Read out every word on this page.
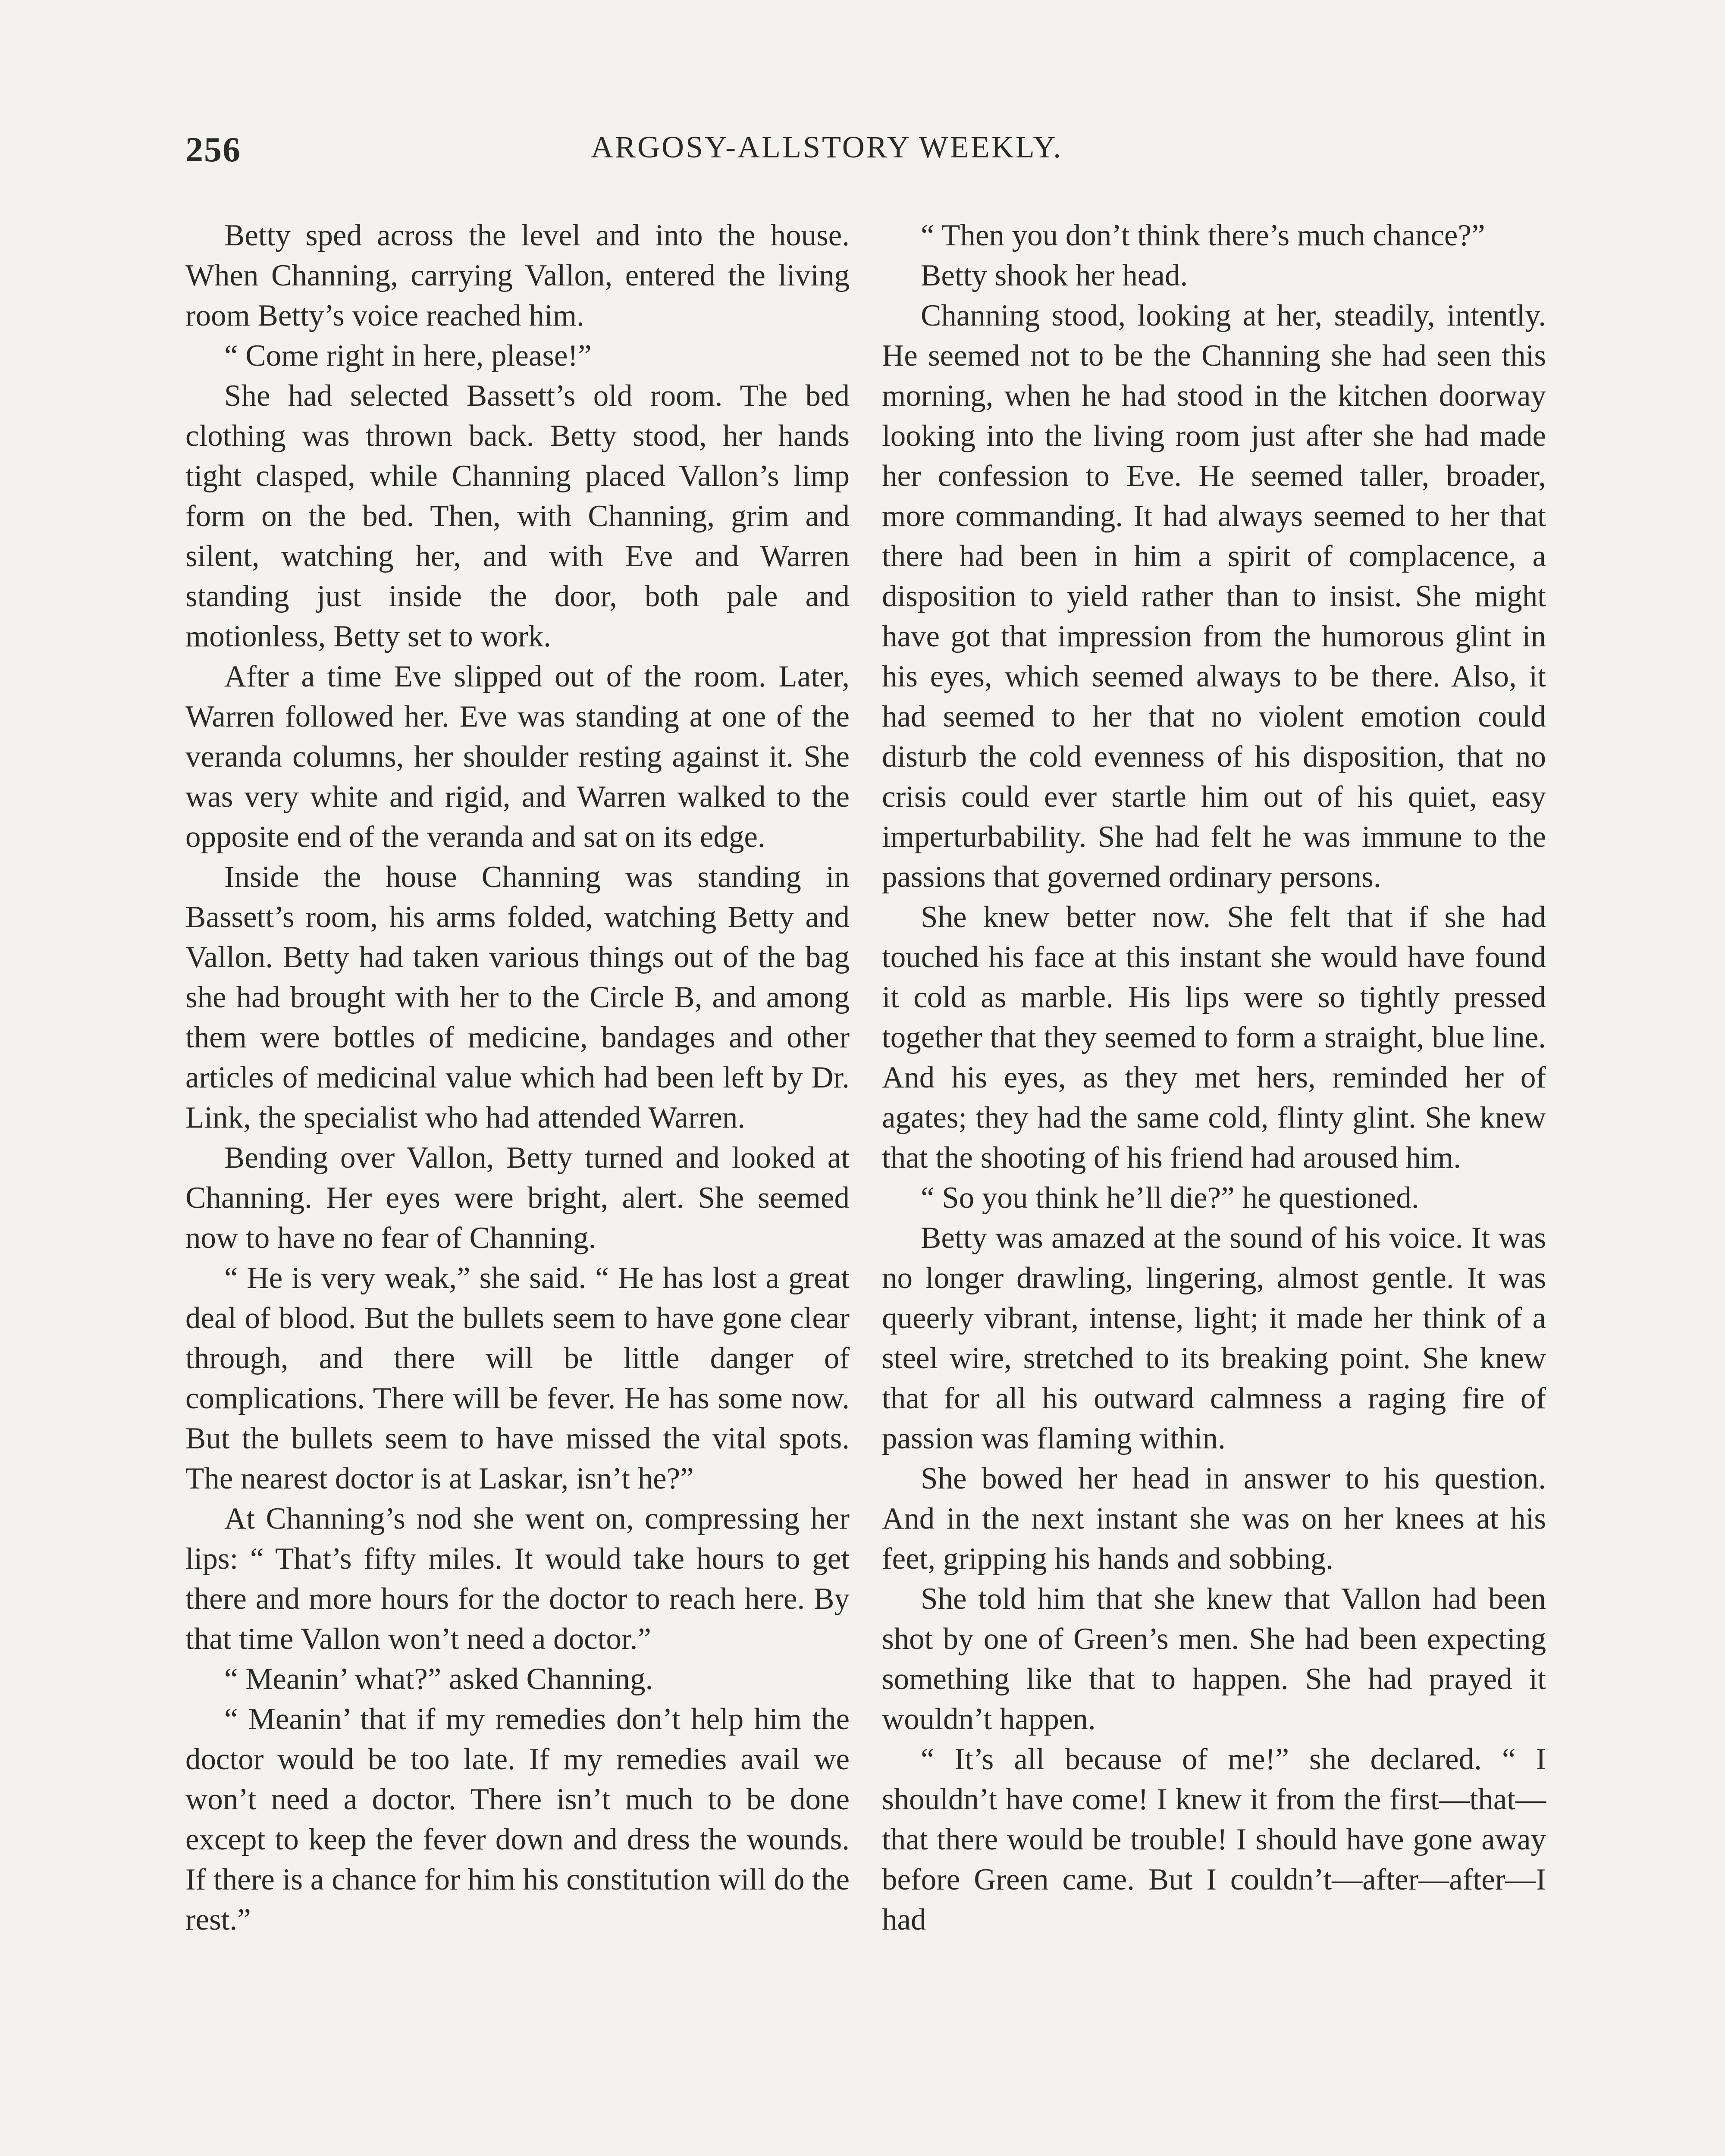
256	ARGOSY-ALLSTORY WEEKLY.

Betty sped across the level and into the house. When Channing, carrying Vallon, entered the living room Betty’s voice reached him.

“ Come right in here, please!”

She had selected Bassett’s old room. The bed clothing was thrown back. Betty stood, her hands tight clasped, while Channing placed Vallon’s limp form on the bed. Then, with Channing, grim and silent, watching her, and with Eve and Warren standing just inside the door, both pale and motionless, Betty set to work.

After a time Eve slipped out of the room. Later, Warren followed her. Eve was standing at one of the veranda columns, her shoulder resting against it. She was very white and rigid, and Warren walked to the opposite end of the veranda and sat on its edge.

Inside the house Channing was standing in Bassett’s room, his arms folded, watching Betty and Vallon. Betty had taken various things out of the bag she had brought with her to the Circle B, and among them were bottles of medicine, bandages and other articles of medicinal value which had been left by Dr. Link, the specialist who had attended Warren.

Bending over Vallon, Betty turned and looked at Channing. Her eyes were bright, alert. She seemed now to have no fear of Channing.

“ He is very weak,” she said. “ He has lost a great deal of blood. But the bullets seem to have gone clear through, and there will be little danger of complications. There will be fever. He has some now. But the bullets seem to have missed the vital spots. The nearest doctor is at Laskar, isn’t he?”

At Channing’s nod she went on, compressing her lips: “ That’s fifty miles. It would take hours to get there and more hours for the doctor to reach here. By that time Vallon won’t need a doctor.”

“ Meanin’ what?” asked Channing.

“ Meanin’ that if my remedies don’t help him the doctor would be too late. If my remedies avail we won’t need a doctor. There isn’t much to be done except to keep the fever down and dress the wounds. If there is a chance for him his constitution will do the rest.”

“ Then you don’t think there’s much chance?”

Betty shook her head.

Channing stood, looking at her, steadily, intently. He seemed not to be the Channing she had seen this morning, when he had stood in the kitchen doorway looking into the living room just after she had made her confession to Eve. He seemed taller, broader, more commanding. It had always seemed to her that there had been in him a spirit of complacence, a disposition to yield rather than to insist. She might have got that impression from the humorous glint in his eyes, which seemed always to be there. Also, it had seemed to her that no violent emotion could disturb the cold evenness of his disposition, that no crisis could ever startle him out of his quiet, easy imperturbability. She had felt he was immune to the passions that governed ordinary persons.

She knew better now. She felt that if she had touched his face at this instant she would have found it cold as marble. His lips were so tightly pressed together that they seemed to form a straight, blue line. And his eyes, as they met hers, reminded her of agates; they had the same cold, flinty glint. She knew that the shooting of his friend had aroused him.

“ So you think he’ll die?” he questioned.

Betty was amazed at the sound of his voice. It was no longer drawling, lingering, almost gentle. It was queerly vibrant, intense, light; it made her think of a steel wire, stretched to its breaking point. She knew that for all his outward calmness a raging fire of passion was flaming within.

She bowed her head in answer to his question. And in the next instant she was on her knees at his feet, gripping his hands and sobbing.

She told him that she knew that Vallon had been shot by one of Green’s men. She had been expecting something like that to happen. She had prayed it wouldn’t happen.

“ It’s all because of me!” she declared. “ I shouldn’t have come! I knew it from the first—that—that there would be trouble! I should have gone away before Green came. But I couldn’t—after—after—I had
